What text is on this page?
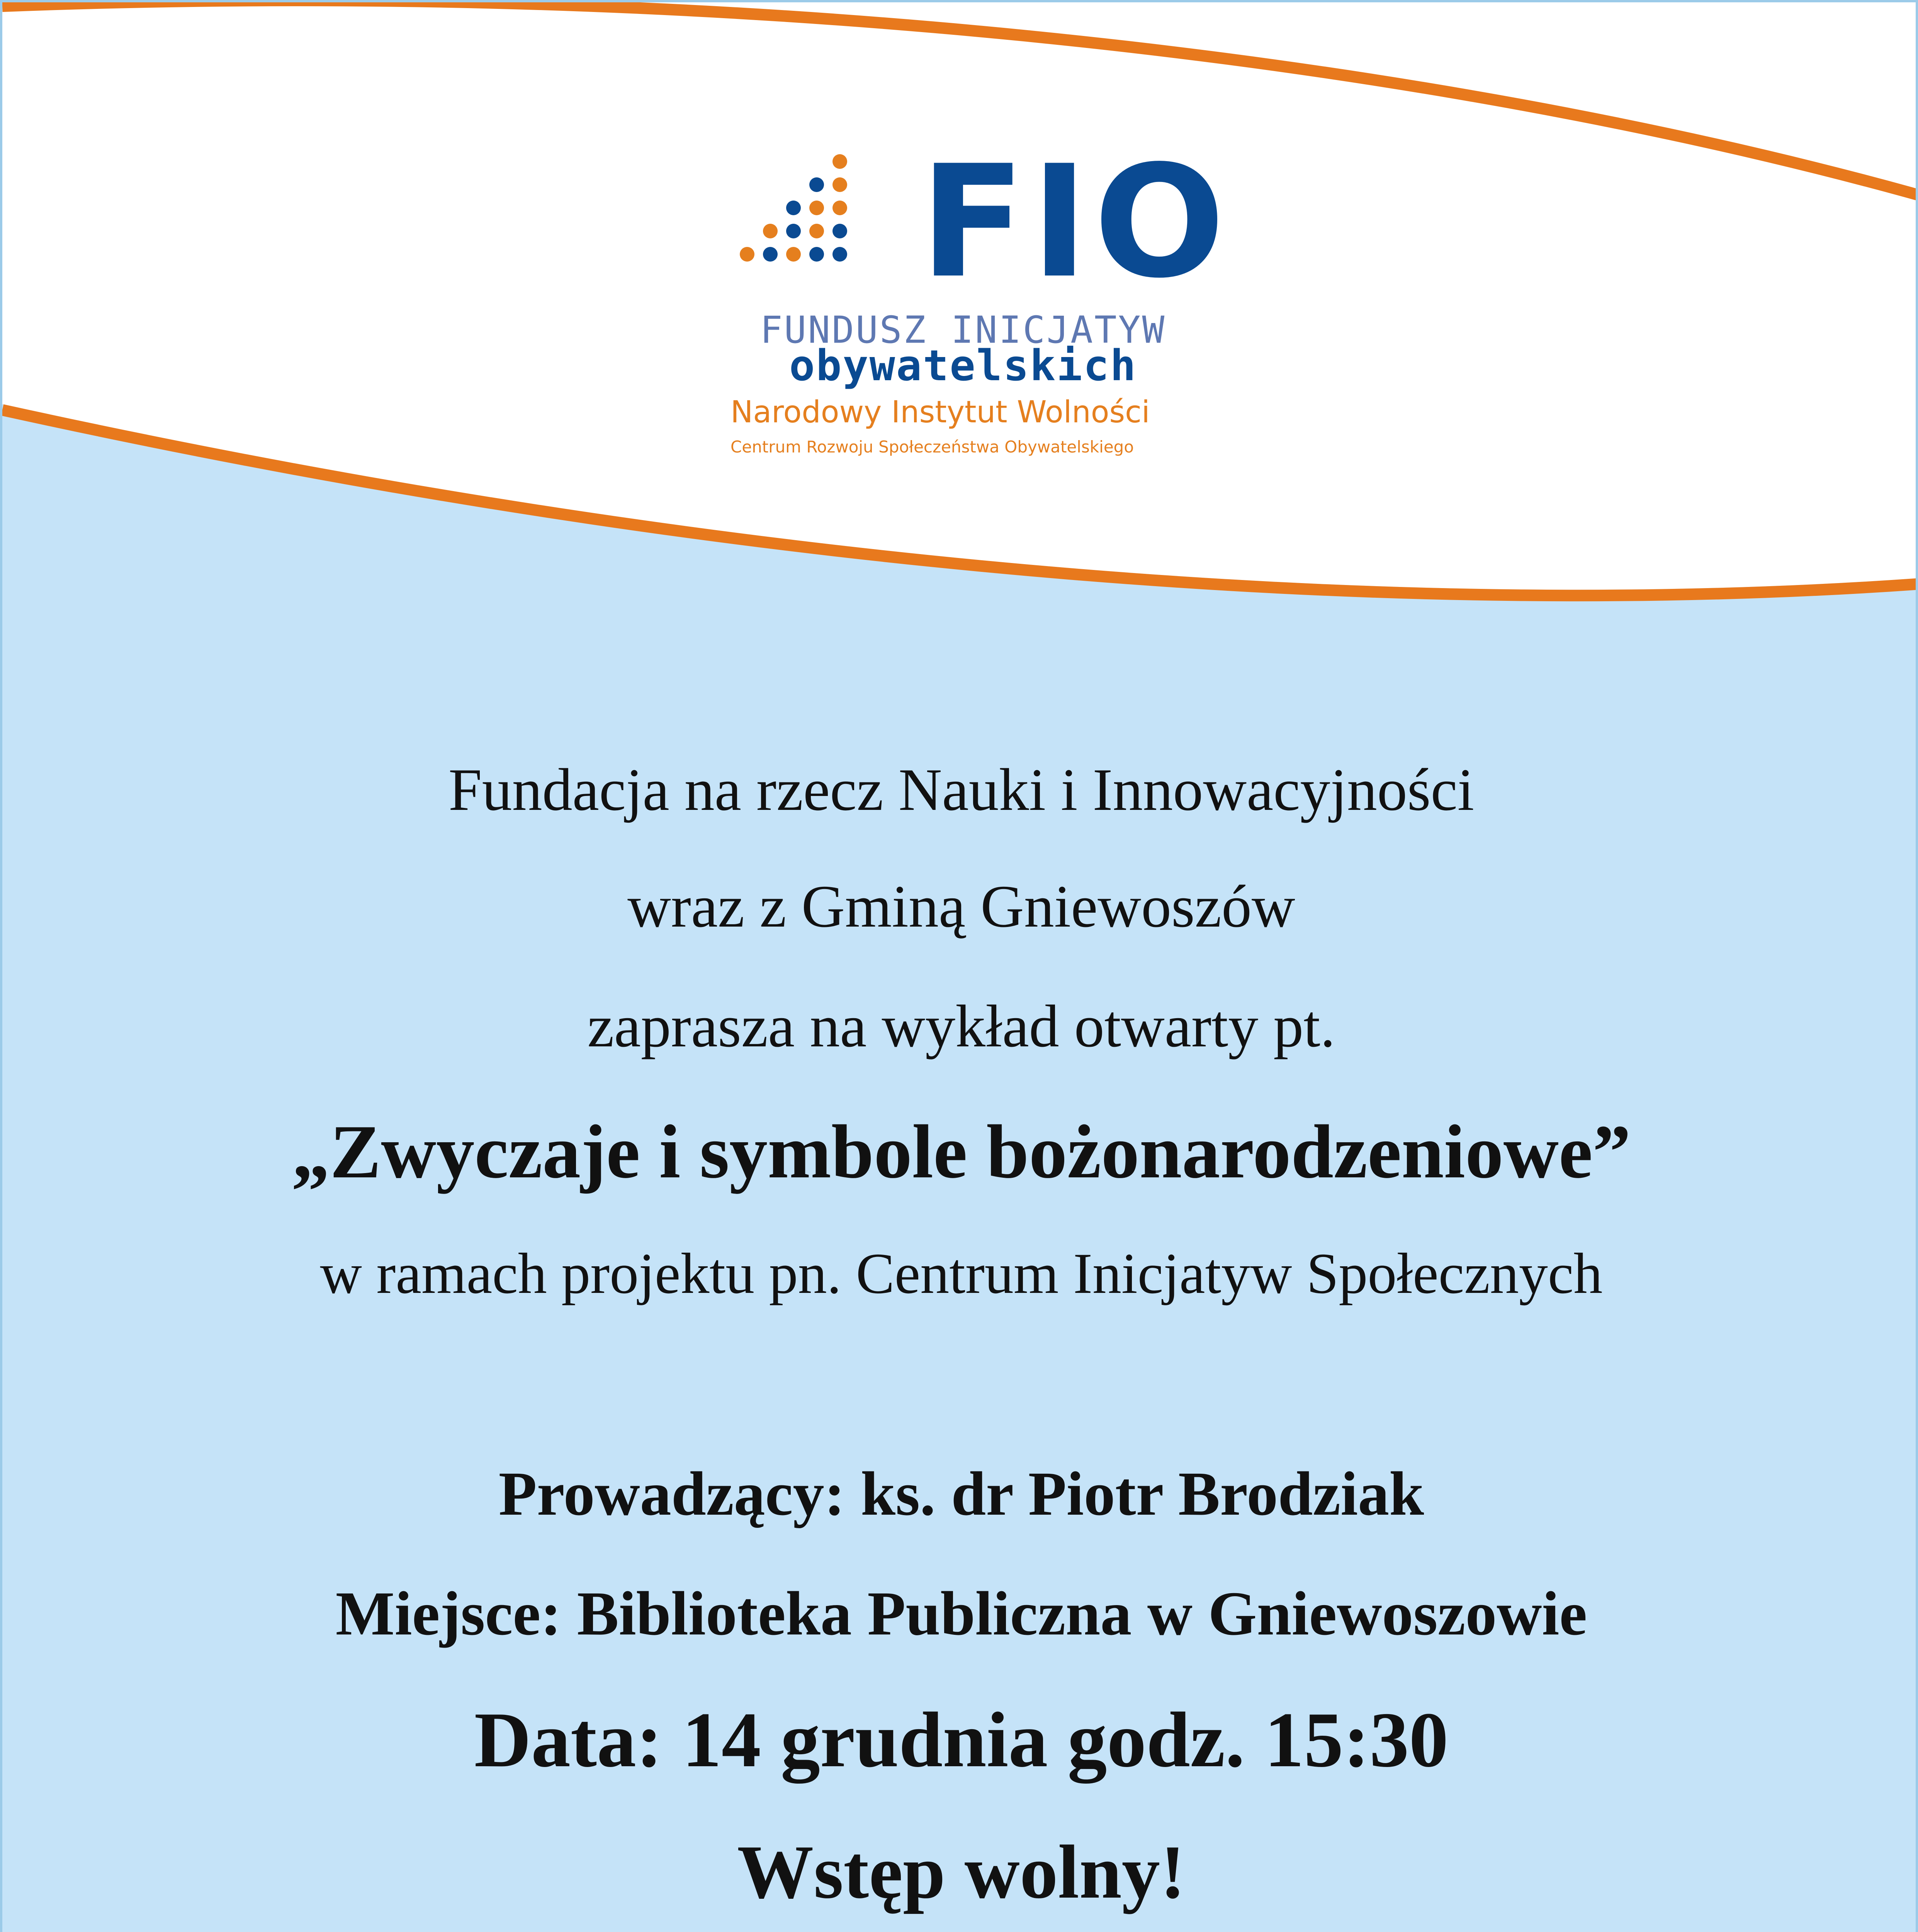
FIO
FUNDUSZ INICJATYW
obywatelskich
Narodowy Instytut Wolności
Centrum Rozwoju Społeczeństwa Obywatelskiego
Fundacja na rzecz Nauki i Innowacyjności
wraz z Gminą Gniewoszów
zaprasza na wykład otwarty pt.
„Zwyczaje i symbole bożonarodzeniowe”
w ramach projektu pn. Centrum Inicjatyw Społecznych
Prowadzący: ks. dr Piotr Brodziak
Miejsce: Biblioteka Publiczna w Gniewoszowie
Data: 14 grudnia godz. 15:30
Wstęp wolny!
